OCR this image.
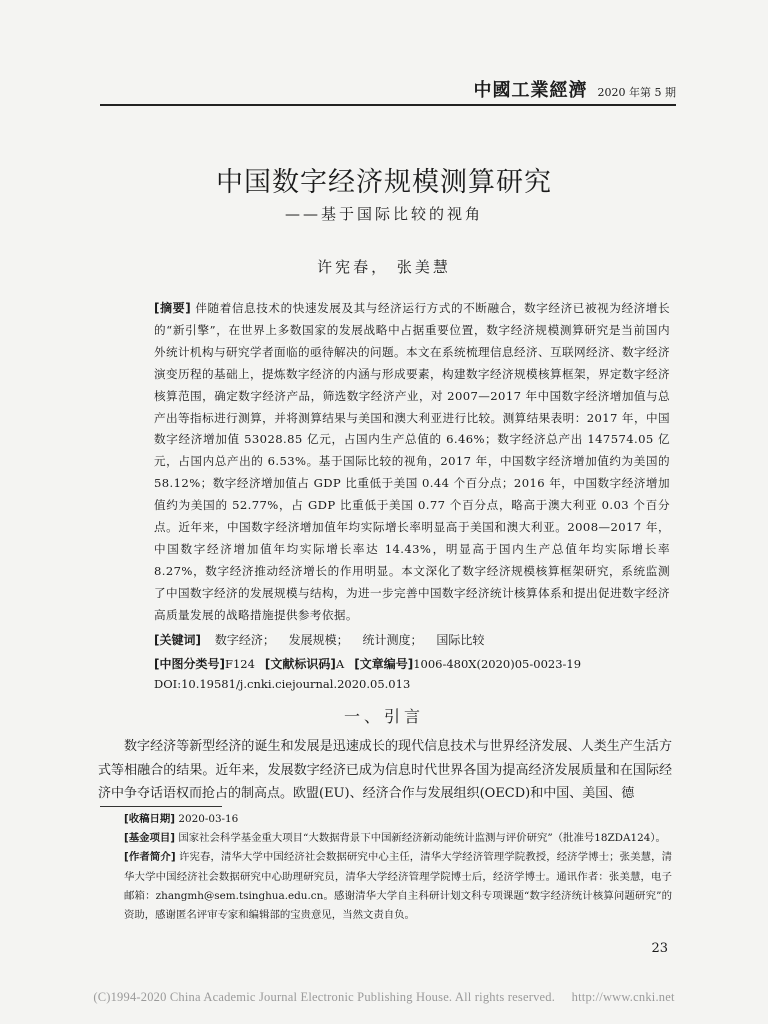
中國工業經濟 2020 年第 5 期
中国数字经济规模测算研究
——基于国际比较的视角
许宪春， 张美慧
[摘要] 伴随着信息技术的快速发展及其与经济运行方式的不断融合，数字经济已被视为经济增长的“新引擎”，在世界上多数国家的发展战略中占据重要位置，数字经济规模测算研究是当前国内外统计机构与研究学者面临的亟待解决的问题。本文在系统梳理信息经济、互联网经济、数字经济演变历程的基础上，提炼数字经济的内涵与形成要素，构建数字经济规模核算框架，界定数字经济核算范围，确定数字经济产品，筛选数字经济产业，对 2007—2017 年中国数字经济增加值与总产出等指标进行测算，并将测算结果与美国和澳大利亚进行比较。测算结果表明：2017 年，中国数字经济增加值 53028.85 亿元，占国内生产总值的 6.46%；数字经济总产出 147574.05 亿元，占国内总产出的 6.53%。基于国际比较的视角，2017 年，中国数字经济增加值约为美国的 58.12%；数字经济增加值占 GDP 比重低于美国 0.44 个百分点；2016 年，中国数字经济增加值约为美国的 52.77%，占 GDP 比重低于美国 0.77 个百分点，略高于澳大利亚 0.03 个百分点。近年来，中国数字经济增加值年均实际增长率明显高于美国和澳大利亚。2008—2017 年，中国数字经济增加值年均实际增长率达 14.43%，明显高于国内生产总值年均实际增长率 8.27%，数字经济推动经济增长的作用明显。本文深化了数字经济规模核算框架研究，系统监测了中国数字经济的发展规模与结构，为进一步完善中国数字经济统计核算体系和提出促进数字经济高质量发展的战略措施提供参考依据。
[关键词] 数字经济； 发展规模； 统计测度； 国际比较
[中图分类号]F124 [文献标识码]A [文章编号]1006-480X(2020)05-0023-19
DOI:10.19581/j.cnki.ciejournal.2020.05.013
一、引言
数字经济等新型经济的诞生和发展是迅速成长的现代信息技术与世界经济发展、人类生产生活方式等相融合的结果。近年来，发展数字经济已成为信息时代世界各国为提高经济发展质量和在国际经济中争夺话语权而抢占的制高点。欧盟(EU)、经济合作与发展组织(OECD)和中国、美国、德

[收稿日期] 2020-03-16

[基金项目] 国家社会科学基金重大项目“大数据背景下中国新经济新动能统计监测与评价研究”（批准号18ZDA124）。

[作者简介] 许宪春，清华大学中国经济社会数据研究中心主任，清华大学经济管理学院教授，经济学博士；张美慧，清华大学中国经济社会数据研究中心助理研究员，清华大学经济管理学院博士后，经济学博士。通讯作者：张美慧，电子邮箱：zhangmh@sem.tsinghua.edu.cn。感谢清华大学自主科研计划文科专项课题“数字经济统计核算问题研究”的资助，感谢匿名评审专家和编辑部的宝贵意见，当然文责自负。

23
(C)1994-2020 China Academic Journal Electronic Publishing House. All rights reserved.     http://www.cnki.net
